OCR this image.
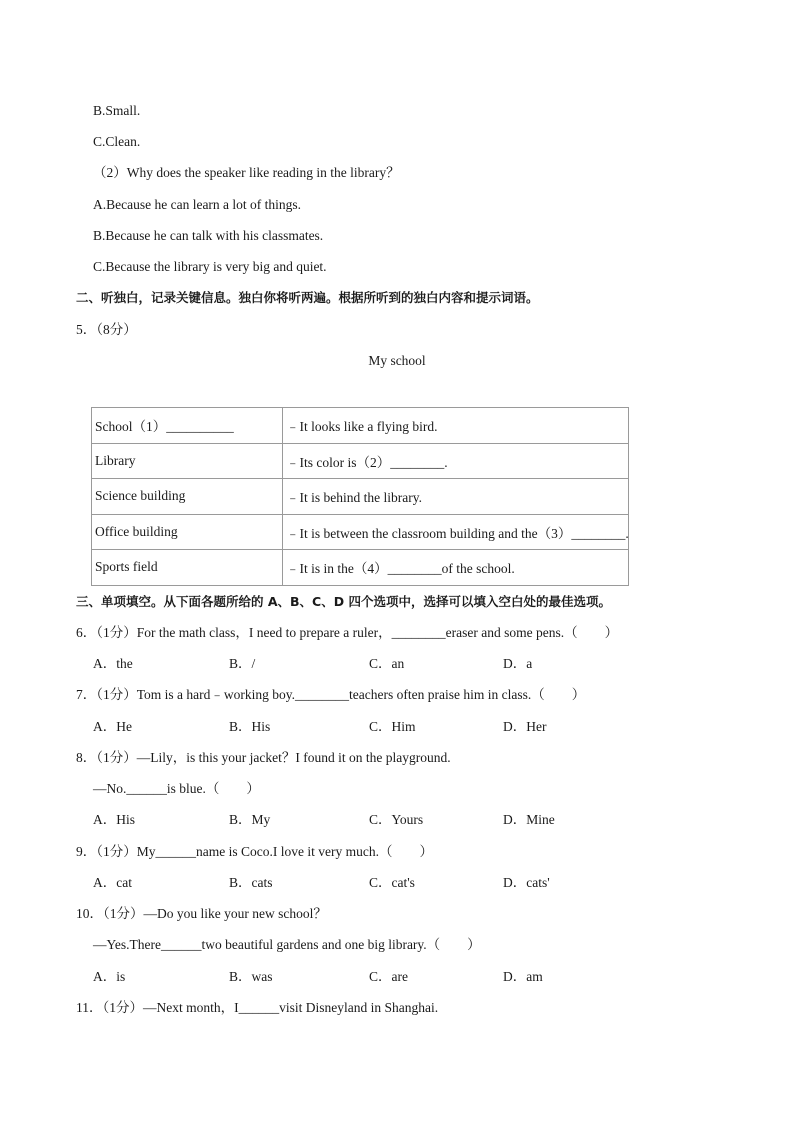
B.Small.
C.Clean.
（2）Why does the speaker like reading in the library？
A.Because he can learn a lot of things.
B.Because he can talk with his classmates.
C.Because the library is very big and quiet.
二、听独白，记录关键信息。独白你将听两遍。根据所听到的独白内容和提示词语。
5．（8分）
My school
School（1）__________	﹣It looks like a flying bird.
Library	﹣Its color is（2）________.
Science building	﹣It is behind the library.
Office building	﹣It is between the classroom building and the（3）________.
Sports field	﹣It is in the（4）________of the school.
三、单项填空。从下面各题所给的 A、B、C、D 四个选项中，选择可以填入空白处的最佳选项。
6．（1分）For the math class，I need to prepare a ruler，________eraser and some pens.（　　）
A．the	B．/	C．an	D．a
7．（1分）Tom is a hard﹣working boy.________teachers often praise him in class.（　　）
A．He	B．His	C．Him	D．Her
8．（1分）—Lily，is this your jacket？I found it on the playground.
—No.______is blue.（　　）
A．His	B．My	C．Yours	D．Mine
9．（1分）My______name is Coco.I love it very much.（　　）
A．cat	B．cats	C．cat's	D．cats'
10．（1分）—Do you like your new school？
—Yes.There______two beautiful gardens and one big library.（　　）
A．is	B．was	C．are	D．am
11．（1分）—Next month，I______visit Disneyland in Shanghai.
